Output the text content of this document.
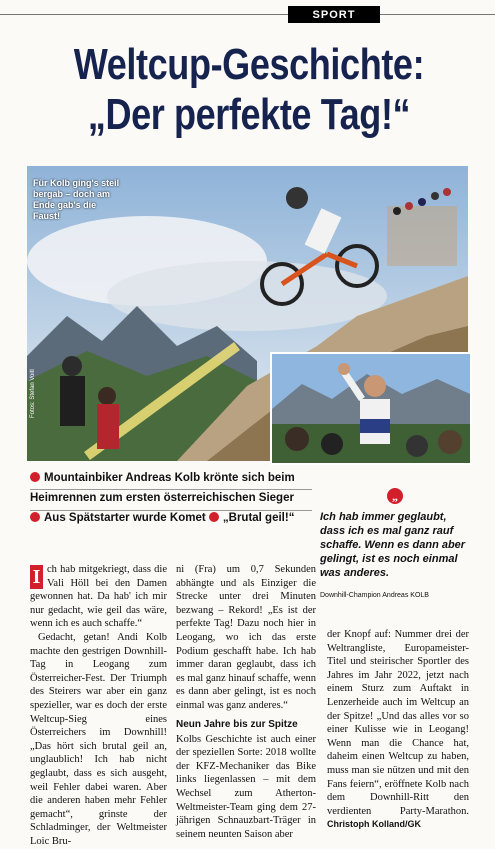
SPORT
Weltcup-Geschichte:
„Der perfekte Tag!“
Für Kolb ging's steil bergab – doch am Ende gab's die Faust!
Fotos: Stefan Voitl
Mountainbiker Andreas Kolb krönte sich beim
Heimrennen zum ersten österreichischen Sieger
Aus Spätstarter wurde Komet „Brutal geil!“
„
Ich hab immer geglaubt, dass ich es mal ganz rauf schaffe. Wenn es dann aber gelingt, ist es noch einmal was anderes.
Downhill-Champion Andreas KOLB

I ch hab mitgekriegt, dass die Vali Höll bei den Damen gewonnen hat. Da hab' ich mir nur gedacht, wie geil das wäre, wenn ich es auch schaffe.“

Gedacht, getan! Andi Kolb machte den gestrigen Downhill-Tag in Leogang zum Österreicher-Fest. Der Triumph des Steirers war aber ein ganz spezieller, war es doch der erste Weltcup-Sieg eines Österreichers im Downhill! „Das hört sich brutal geil an, unglaublich! Ich hab nicht geglaubt, dass es sich ausgeht, weil Fehler dabei waren. Aber die anderen haben mehr Fehler gemacht“, grinste der Schladminger, der Weltmeister Loic Bru-

ni (Fra) um 0,7 Sekunden abhängte und als Einziger die Strecke unter drei Minuten bezwang – Rekord! „Es ist der perfekte Tag! Dazu noch hier in Leogang, wo ich das erste Podium geschafft habe. Ich hab immer daran geglaubt, dass ich es mal ganz hinauf schaffe, wenn es dann aber gelingt, ist es noch einmal was ganz anderes.“

Neun Jahre bis zur Spitze

Kolbs Geschichte ist auch einer der speziellen Sorte: 2018 wollte der KFZ-Mechaniker das Bike links liegenlassen – mit dem Wechsel zum Atherton-Weltmeister-Team ging dem 27-jährigen Schnauzbart-Träger in seinem neunten Saison aber

der Knopf auf: Nummer drei der Weltrangliste, Europameister-Titel und steirischer Sportler des Jahres im Jahr 2022, jetzt nach einem Sturz zum Auftakt in Lenzerheide auch im Weltcup an der Spitze! „Und das alles vor so einer Kulisse wie in Leogang! Wenn man die Chance hat, daheim einen Weltcup zu haben, muss man sie nützen und mit den Fans feiern“, eröffnete Kolb nach dem Downhill-Ritt den verdienten Party-Marathon. Christoph Kolland/GK
